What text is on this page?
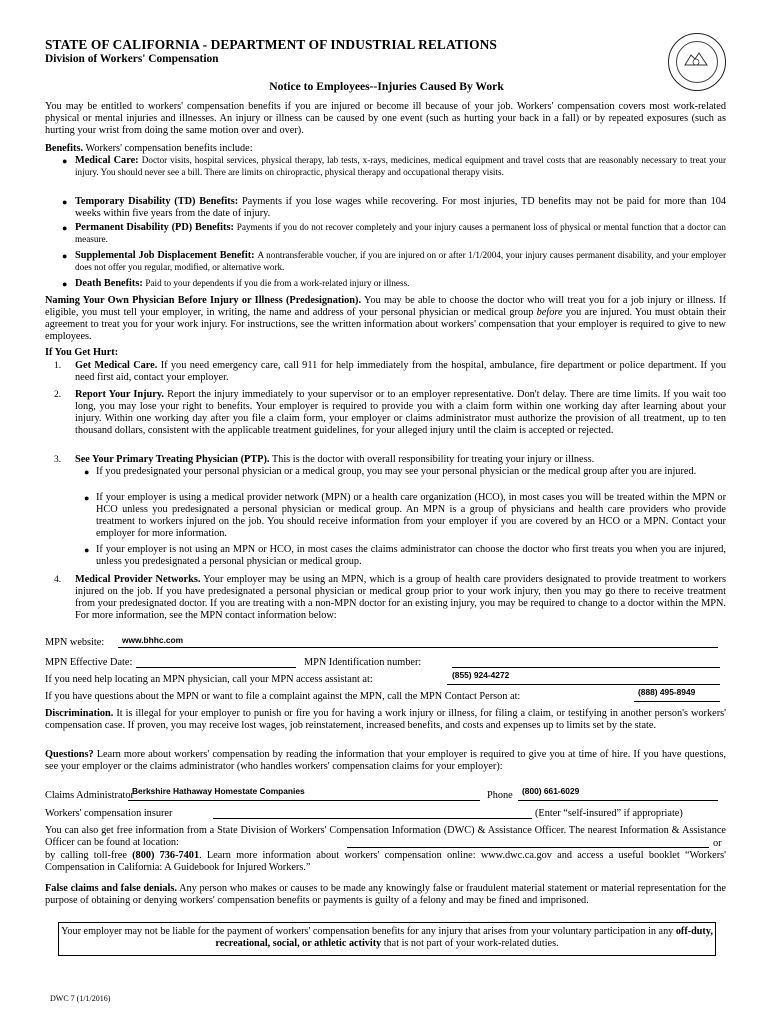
STATE OF CALIFORNIA - DEPARTMENT OF INDUSTRIAL RELATIONS
Division of Workers' Compensation
Notice to Employees--Injuries Caused By Work

You may be entitled to workers' compensation benefits if you are injured or become ill because of your job. Workers' compensation covers most work-related physical or mental injuries and illnesses. An injury or illness can be caused by one event (such as hurting your back in a fall) or by repeated exposures (such as hurting your wrist from doing the same motion over and over).

Benefits. Workers' compensation benefits include:
● Medical Care: Doctor visits, hospital services, physical therapy, lab tests, x-rays, medicines, medical equipment and travel costs that are reasonably necessary to treat your injury. You should never see a bill. There are limits on chiropractic, physical therapy and occupational therapy visits.

● Temporary Disability (TD) Benefits: Payments if you lose wages while recovering. For most injuries, TD benefits may not be paid for more than 104 weeks within five years from the date of injury.

● Permanent Disability (PD) Benefits: Payments if you do not recover completely and your injury causes a permanent loss of physical or mental function that a doctor can measure.

● Supplemental Job Displacement Benefit: A nontransferable voucher, if you are injured on or after 1/1/2004, your injury causes permanent disability, and your employer does not offer you regular, modified, or alternative work.

● Death Benefits: Paid to your dependents if you die from a work-related injury or illness.

Naming Your Own Physician Before Injury or Illness (Predesignation). You may be able to choose the doctor who will treat you for a job injury or illness. If eligible, you must tell your employer, in writing, the name and address of your personal physician or medical group before you are injured. You must obtain their agreement to treat you for your work injury. For instructions, see the written information about workers' compensation that your employer is required to give to new employees.

If You Get Hurt:
1. Get Medical Care. If you need emergency care, call 911 for help immediately from the hospital, ambulance, fire department or police department. If you need first aid, contact your employer.

2. Report Your Injury. Report the injury immediately to your supervisor or to an employer representative. Don't delay. There are time limits. If you wait too long, you may lose your right to benefits. Your employer is required to provide you with a claim form within one working day after learning about your injury. Within one working day after you file a claim form, your employer or claims administrator must authorize the provision of all treatment, up to ten thousand dollars, consistent with the applicable treatment guidelines, for your alleged injury until the claim is accepted or rejected.

3. See Your Primary Treating Physician (PTP). This is the doctor with overall responsibility for treating your injury or illness.

● If you predesignated your personal physician or a medical group, you may see your personal physician or the medical group after you are injured.

● If your employer is using a medical provider network (MPN) or a health care organization (HCO), in most cases you will be treated within the MPN or HCO unless you predesignated a personal physician or medical group. An MPN is a group of physicians and health care providers who provide treatment to workers injured on the job. You should receive information from your employer if you are covered by an HCO or a MPN. Contact your employer for more information.

● If your employer is not using an MPN or HCO, in most cases the claims administrator can choose the doctor who first treats you when you are injured, unless you predesignated a personal physician or medical group.

4. Medical Provider Networks. Your employer may be using an MPN, which is a group of health care providers designated to provide treatment to workers injured on the job. If you have predesignated a personal physician or medical group prior to your work injury, then you may go there to receive treatment from your predesignated doctor. If you are treating with a non-MPN doctor for an existing injury, you may be required to change to a doctor within the MPN. For more information, see the MPN contact information below:

MPN website: www.bhhc.com
MPN Effective Date:	MPN Identification number:
If you need help locating an MPN physician, call your MPN access assistant at:	(855) 924-4272
If you have questions about the MPN or want to file a complaint against the MPN, call the MPN Contact Person at:	(888) 495-8949

Discrimination. It is illegal for your employer to punish or fire you for having a work injury or illness, for filing a claim, or testifying in another person's workers' compensation case. If proven, you may receive lost wages, job reinstatement, increased benefits, and costs and expenses up to limits set by the state.

Questions? Learn more about workers' compensation by reading the information that your employer is required to give you at time of hire. If you have questions, see your employer or the claims administrator (who handles workers' compensation claims for your employer):

Claims Administrator
Berkshire Hathaway Homestate Companies	Phone (800) 661-6029
Workers' compensation insurer	(Enter “self-insured” if appropriate)

You can also get free information from a State Division of Workers' Compensation Information (DWC) & Assistance Officer. The nearest Information & Assistance Officer can be found at location:	or

by calling toll-free (800) 736-7401. Learn more information about workers' compensation online: www.dwc.ca.gov and access a useful booklet “Workers' Compensation in California: A Guidebook for Injured Workers.”

False claims and false denials. Any person who makes or causes to be made any knowingly false or fraudulent material statement or material representation for the purpose of obtaining or denying workers' compensation benefits or payments is guilty of a felony and may be fined and imprisoned.

Your employer may not be liable for the payment of workers' compensation benefits for any injury that arises from your voluntary participation in any off-duty, recreational, social, or athletic activity that is not part of your work-related duties.
DWC 7 (1/1/2016)
